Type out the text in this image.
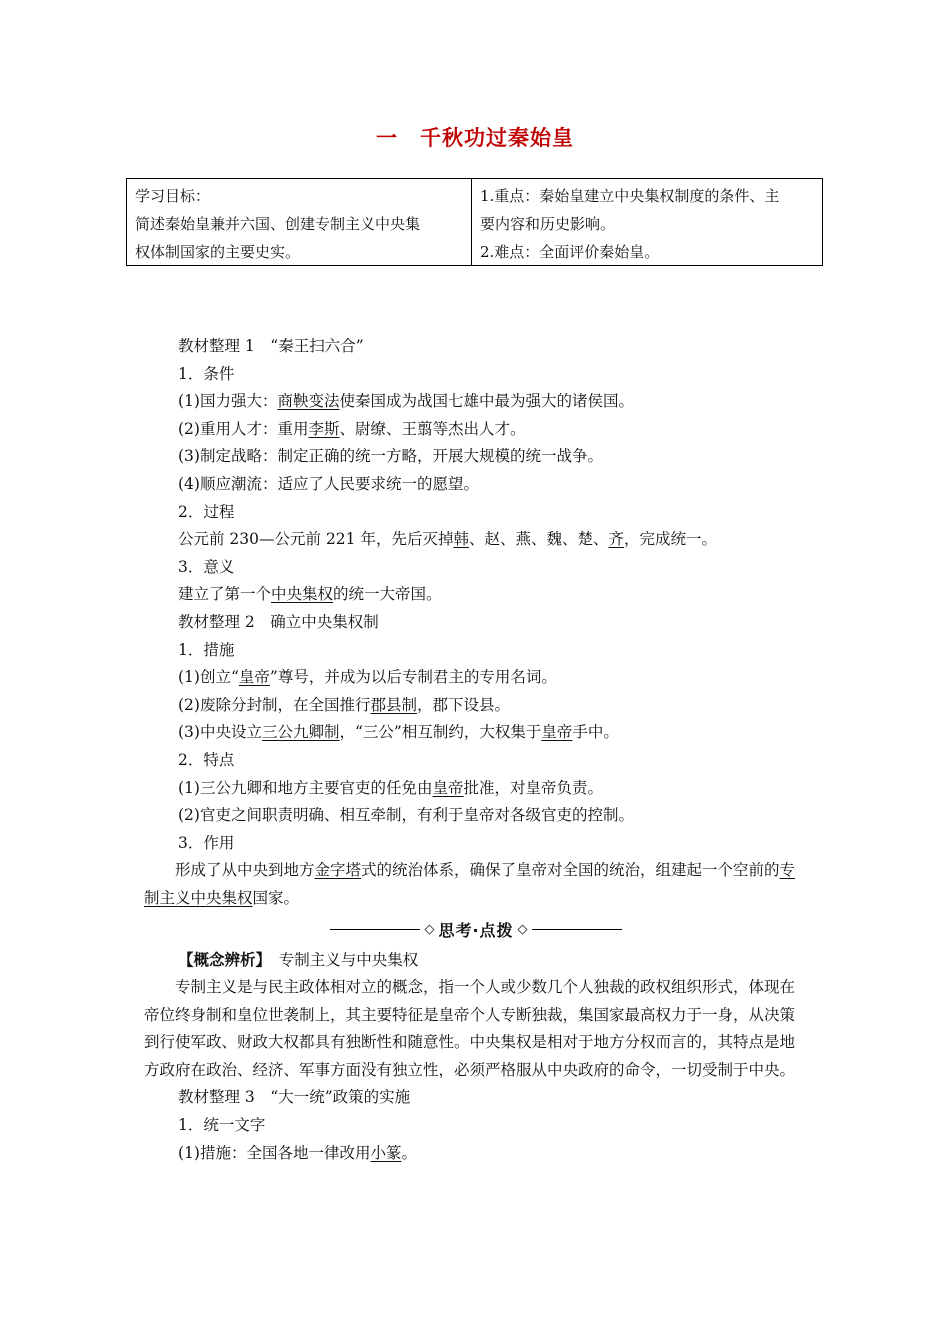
一　千秋功过秦始皇
学习目标：
简述秦始皇兼并六国、创建专制主义中央集
权体制国家的主要史实。
1.重点：秦始皇建立中央集权制度的条件、主
要内容和历史影响。
2.难点：全面评价秦始皇。
教材整理 1　“秦王扫六合”
1．条件
(1)国力强大：商鞅变法使秦国成为战国七雄中最为强大的诸侯国。
(2)重用人才：重用李斯、尉缭、王翦等杰出人才。
(3)制定战略：制定正确的统一方略，开展大规模的统一战争。
(4)顺应潮流：适应了人民要求统一的愿望。
2．过程
公元前 230—公元前 221 年，先后灭掉韩、赵、燕、魏、楚、齐，完成统一。
3．意义
建立了第一个中央集权的统一大帝国。
教材整理 2　确立中央集权制
1．措施
(1)创立“皇帝”尊号，并成为以后专制君主的专用名词。
(2)废除分封制，在全国推行郡县制，郡下设县。
(3)中央设立三公九卿制，“三公”相互制约，大权集于皇帝手中。
2．特点
(1)三公九卿和地方主要官吏的任免由皇帝批准，对皇帝负责。
(2)官吏之间职责明确、相互牵制，有利于皇帝对各级官吏的控制。
3．作用
形成了从中央到地方金字塔式的统治体系，确保了皇帝对全国的统治，组建起一个空前的专制主义中央集权国家。
◇ 思考·点拨 ◇
【概念辨析】　专制主义与中央集权
专制主义是与民主政体相对立的概念，指一个人或少数几个人独裁的政权组织形式，体现在帝位终身制和皇位世袭制上，其主要特征是皇帝个人专断独裁，集国家最高权力于一身，从决策到行使军政、财政大权都具有独断性和随意性。中央集权是相对于地方分权而言的，其特点是地方政府在政治、经济、军事方面没有独立性，必须严格服从中央政府的命令，一切受制于中央。
教材整理 3　“大一统”政策的实施
1．统一文字
(1)措施：全国各地一律改用小篆。
